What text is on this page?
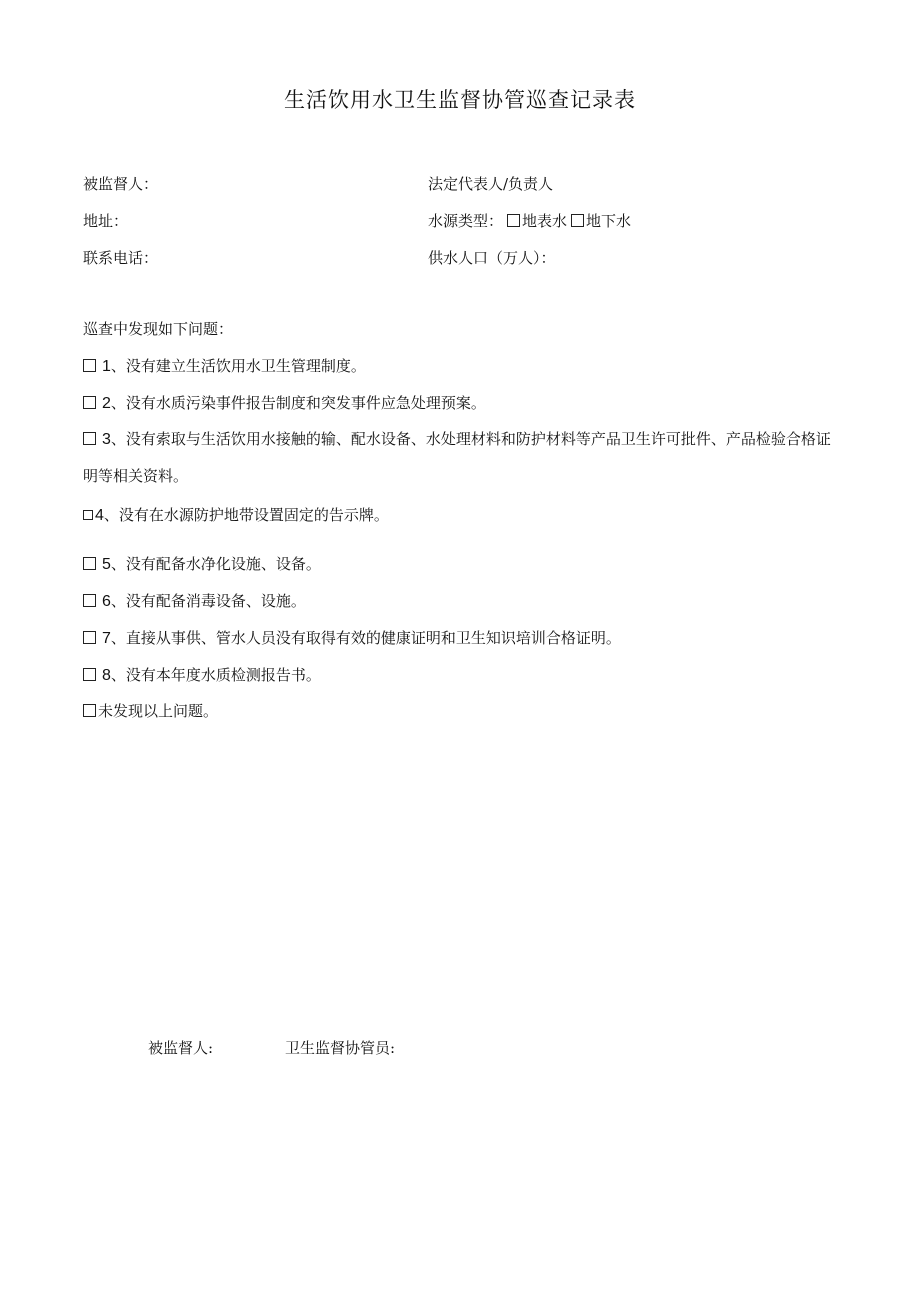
生活饮用水卫生监督协管巡查记录表
被监督人：	法定代表人/负责人
地址：	水源类型： 地表水 地下水
联系电话：	供水人口（万人）：
巡查中发现如下问题：
1、没有建立生活饮用水卫生管理制度。
2、没有水质污染事件报告制度和突发事件应急处理预案。
3、没有索取与生活饮用水接触的输、配水设备、水处理材料和防护材料等产品卫生许可批件、产品检验合格证明等相关资料。
4、没有在水源防护地带设置固定的告示牌。
5、没有配备水净化设施、设备。
6、没有配备消毒设备、设施。
7、直接从事供、管水人员没有取得有效的健康证明和卫生知识培训合格证明。
8、没有本年度水质检测报告书。
未发现以上问题。
被监督人:	卫生监督协管员:
